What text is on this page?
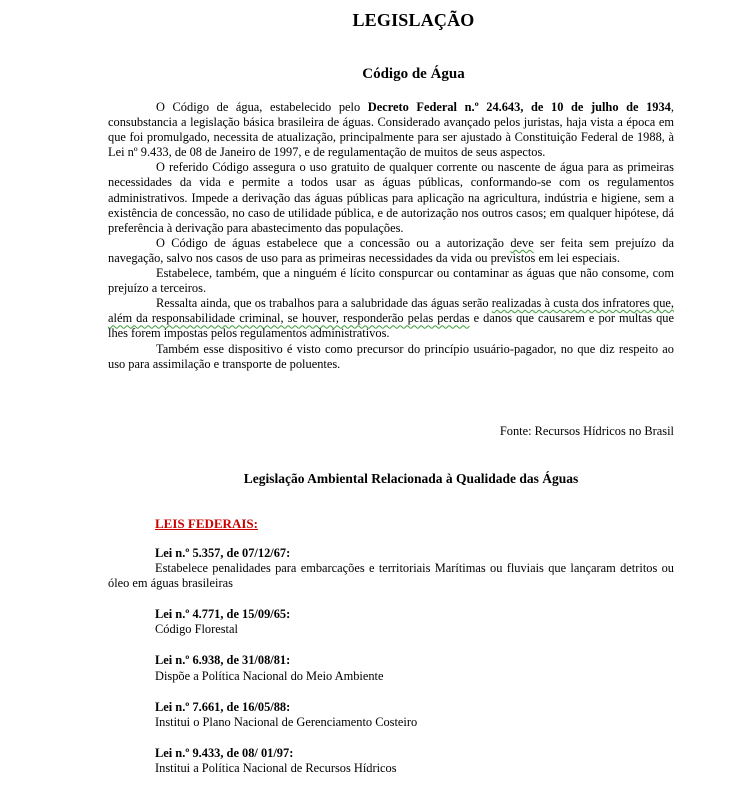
LEGISLAÇÃO
Código de Água

O Código de água, estabelecido pelo Decreto Federal n.º 24.643, de 10 de julho de 1934, consubstancia a legislação básica brasileira de águas. Considerado avançado pelos juristas, haja vista a época em que foi promulgado, necessita de atualização, principalmente para ser ajustado à Constituição Federal de 1988, à Lei nº 9.433, de 08 de Janeiro de 1997, e de regulamentação de muitos de seus aspectos.

O referido Código assegura o uso gratuito de qualquer corrente ou nascente de água para as primeiras necessidades da vida e permite a todos usar as águas públicas, conformando-se com os regulamentos administrativos. Impede a derivação das águas públicas para aplicação na agricultura, indústria e higiene, sem a existência de concessão, no caso de utilidade pública, e de autorização nos outros casos; em qualquer hipótese, dá preferência à derivação para abastecimento das populações.

O Código de águas estabelece que a concessão ou a autorização deve ser feita sem prejuízo da navegação, salvo nos casos de uso para as primeiras necessidades da vida ou previstos em lei especiais.

Estabelece, também, que a ninguém é lícito conspurcar ou contaminar as águas que não consome, com prejuízo a terceiros.

Ressalta ainda, que os trabalhos para a salubridade das águas serão realizadas à custa dos infratores que, além da responsabilidade criminal, se houver, responderão pelas perdas e danos que causarem e por multas que lhes forem impostas pelos regulamentos administrativos.

Também esse dispositivo é visto como precursor do princípio usuário-pagador, no que diz respeito ao uso para assimilação e transporte de poluentes.

Fonte: Recursos Hídricos no Brasil
Legislação Ambiental Relacionada à Qualidade das Águas
LEIS FEDERAIS:
Lei n.º 5.357, de 07/12/67:
Estabelece penalidades para embarcações e territoriais Marítimas ou fluviais que lançaram detritos ou óleo em águas brasileiras
Lei n.º 4.771, de 15/09/65:
Código Florestal
Lei n.º 6.938, de 31/08/81:
Dispõe a Política Nacional do Meio Ambiente
Lei n.º 7.661, de 16/05/88:
Institui o Plano Nacional de Gerenciamento Costeiro
Lei n.º 9.433, de 08/ 01/97:
Institui a Política Nacional de Recursos Hídricos
